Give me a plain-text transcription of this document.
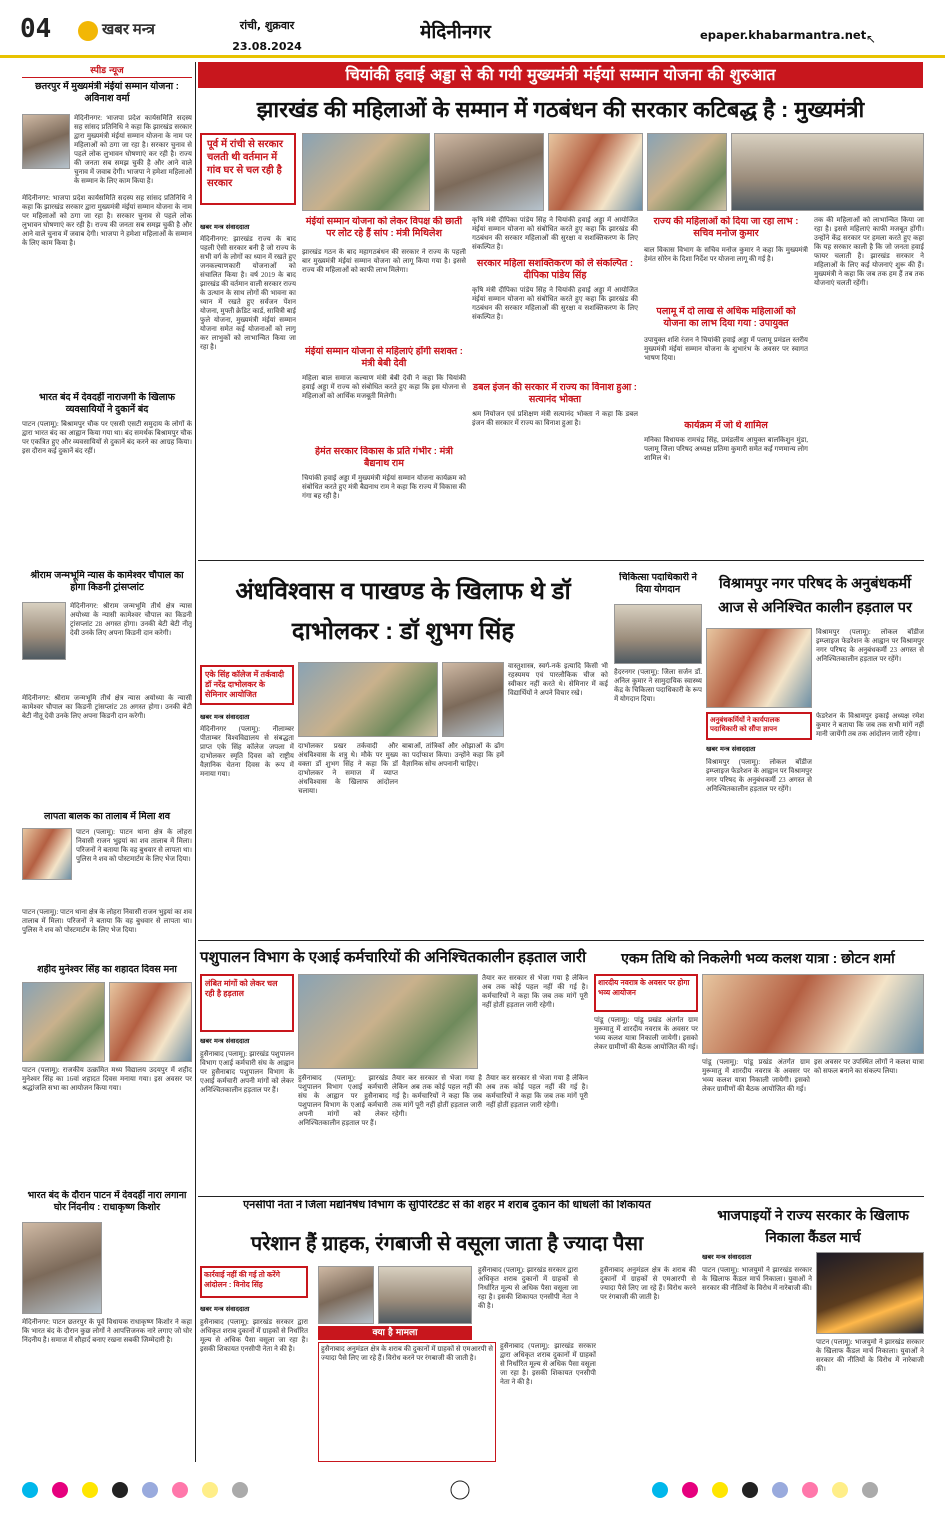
04	खबर मन्त्र	रांची, शुक्रवार
23.08.2024
मेदिनीनगर	epaper.khabarmantra.net ↖
स्पीड न्यूज
छतरपुर में मुख्यमंत्री मंईयां सम्मान योजना : अविनाश वर्मा
मेदिनीनगर: भाजपा प्रदेश कार्यसमिति सदस्य सह सांसद प्रतिनिधि ने कहा कि झारखंड सरकार द्वारा मुख्यमंत्री मंईयां सम्मान योजना के नाम पर महिलाओं को ठगा जा रहा है। सरकार चुनाव से पहले लोक लुभावन घोषणाएं कर रही है। राज्य की जनता सब समझ चुकी है और आने वाले चुनाव में जवाब देगी। भाजपा ने हमेशा महिलाओं के सम्मान के लिए काम किया है।
मेदिनीनगर: भाजपा प्रदेश कार्यसमिति सदस्य सह सांसद प्रतिनिधि ने कहा कि झारखंड सरकार द्वारा मुख्यमंत्री मंईयां सम्मान योजना के नाम पर महिलाओं को ठगा जा रहा है। सरकार चुनाव से पहले लोक लुभावन घोषणाएं कर रही है। राज्य की जनता सब समझ चुकी है और आने वाले चुनाव में जवाब देगी। भाजपा ने हमेशा महिलाओं के सम्मान के लिए काम किया है।
भारत बंद में देवदहीं नाराजगी के खिलाफ व्यवसायियों ने दुकानें बंद
पाटन (पलामू): बिश्रामपुर चौक पर एससी एसटी समुदाय के लोगों के द्वारा भारत बंद का आह्वान किया गया था। बंद समर्थक बिश्रामपुर चौक पर एकत्रित हुए और व्यवसायियों से दुकानें बंद करने का आग्रह किया। इस दौरान कई दुकानें बंद रहीं।
श्रीराम जन्मभूमि न्यास के कामेश्वर चौपाल का होगा किडनी ट्रांसप्लांट
मेदिनीनगर: श्रीराम जन्मभूमि तीर्थ क्षेत्र न्यास अयोध्या के न्यासी कामेश्वर चौपाल का किडनी ट्रांसप्लांट 28 अगस्त होगा। उनकी बेटी बेटी नीतू देवी उनके लिए अपना किडनी दान करेगी।
मेदिनीनगर: श्रीराम जन्मभूमि तीर्थ क्षेत्र न्यास अयोध्या के न्यासी कामेश्वर चौपाल का किडनी ट्रांसप्लांट 28 अगस्त होगा। उनकी बेटी बेटी नीतू देवी उनके लिए अपना किडनी दान करेगी।
लापता बालक का तालाब में मिला शव
पाटन (पलामू): पाटन थाना क्षेत्र के लोहरा निवासी राजन भुइयां का शव तालाब में मिला। परिजनों ने बताया कि वह बुधवार से लापता था। पुलिस ने शव को पोस्टमार्टम के लिए भेज दिया।
पाटन (पलामू): पाटन थाना क्षेत्र के लोहरा निवासी राजन भुइयां का शव तालाब में मिला। परिजनों ने बताया कि वह बुधवार से लापता था। पुलिस ने शव को पोस्टमार्टम के लिए भेज दिया।
शहीद मुनेश्वर सिंह का शहादत दिवस मना
पाटन (पलामू): राजकीय उत्क्रमित मध्य विद्यालय उदयपुर में शहीद मुनेश्वर सिंह का 16वां शहादत दिवस मनाया गया। इस अवसर पर श्रद्धांजलि सभा का आयोजन किया गया।
भारत बंद के दौरान पाटन में देवदहीं नारा लगाना घोर निंदनीय : राधाकृष्ण किशोर
मेदिनीनगर: पाटन छतरपुर के पूर्व विधायक राधाकृष्ण किशोर ने कहा कि भारत बंद के दौरान कुछ लोगों ने आपत्तिजनक नारे लगाए जो घोर निंदनीय है। समाज में सौहार्द बनाए रखना सबकी जिम्मेदारी है।
चियांकी हवाई अड्डा से की गयी मुख्यमंत्री मंईयां सम्मान योजना की शुरुआत
झारखंड की महिलाओं के सम्मान में गठबंधन की सरकार कटिबद्ध है : मुख्यमंत्री
पूर्व में रांची से सरकार चलती थी वर्तमान में गांव घर से चल रही है सरकार
खबर मन्त्र संवाददाता
मेदिनीनगर: झारखंड राज्य के बाद पहली ऐसी सरकार बनी है जो राज्य के सभी वर्ग के लोगों का ध्यान में रखते हुए जनकल्याणकारी योजनाओं को संचालित किया है। वर्ष 2019 के बाद झारखंड की वर्तमान वाली सरकार राज्य के उत्थान के साथ लोगों की भावना का ध्यान में रखते हुए सर्वजन पेंशन योजना, मुफ्ती क्रेडिट कार्ड, सावित्री बाई फुले योजना, मुख्यमंत्री मंईयां सम्मान योजना समेत कई योजनाओं को लागू कर लाभुकों को लाभान्वित किया जा रहा है।
मंईयां सम्मान योजना को लेकर विपक्ष की छाती पर लोट रहे हैं सांप : मंत्री मिथिलेश
झारखंड गठन के बाद महागठबंधन की सरकार ने राज्य के पहली बार मुख्यमंत्री मंईयां सम्मान योजना को लागू किया गया है। इससे राज्य की महिलाओं को काफी लाभ मिलेगा।
मंईयां सम्मान योजना से महिलाएं होंगी सशक्त : मंत्री बेबी देवी
महिला बाल समाज कल्याण मंत्री बेबी देवी ने कहा कि चियांकी हवाई अड्डा में राज्य को संबोधित करते हुए कहा कि इस योजना से महिलाओं को आर्थिक मजबूती मिलेगी।
हेमंत सरकार विकास के प्रति गंभीर : मंत्री बैद्यनाथ राम
चियांकी हवाई अड्डा में मुख्यमंत्री मंईयां सम्मान योजना कार्यक्रम को संबोधित करते हुए मंत्री बैद्यनाथ राम ने कहा कि राज्य में विकास की गंगा बह रही है।
कृषि मंत्री दीपिका पांडेय सिंह ने चियांकी हवाई अड्डा में आयोजित मंईयां सम्मान योजना को संबोधित करते हुए कहा कि झारखंड की गठबंधन की सरकार महिलाओं की सुरक्षा व सशक्तिकरण के लिए संकल्पित है।
सरकार महिला सशक्तिकरण को ले संकल्पित : दीपिका पांडेय सिंह
कृषि मंत्री दीपिका पांडेय सिंह ने चियांकी हवाई अड्डा में आयोजित मंईयां सम्मान योजना को संबोधित करते हुए कहा कि झारखंड की गठबंधन की सरकार महिलाओं की सुरक्षा व सशक्तिकरण के लिए संकल्पित है।
डबल इंजन की सरकार में राज्य का विनाश हुआ : सत्यानंद भोक्ता
श्रम नियोजन एवं प्रशिक्षण मंत्री सत्यानंद भोक्ता ने कहा कि डबल इंजन की सरकार में राज्य का विनाश हुआ है।
राज्य की महिलाओं को दिया जा रहा लाभ : सचिव मनोज कुमार
बाल विकास विभाग के सचिव मनोज कुमार ने कहा कि मुख्यमंत्री हेमंत सोरेन के दिशा निर्देश पर योजना लागू की गई है।
पलामू में दो लाख से अधिक महिलाओं को योजना का लाभ दिया गया : उपायुक्त
उपायुक्त शशि रंजन ने चियांकी हवाई अड्डा में पलामू प्रमंडल स्तरीय मुख्यमंत्री मंईयां सम्मान योजना के शुभारंभ के अवसर पर स्वागत भाषण दिया।
कार्यक्रम में जो थे शामिल
मनिका विधायक रामचंद्र सिंह, प्रमंडलीय आयुक्त बालकिशुन मुंडा, पलामू जिला परिषद अध्यक्ष प्रतिमा कुमारी समेत कई गणमान्य लोग शामिल थे।
तक की महिलाओं को लाभान्वित किया जा रहा है। इससे महिलाएं काफी मजबूत होंगी। उन्होंने केंद्र सरकार पर हमला करते हुए कहा कि यह सरकार काली है कि जो जनता हवाई फायर चलाती है। झारखंड सरकार ने महिलाओं के लिए कई योजनाएं शुरू की हैं। मुख्यमंत्री ने कहा कि जब तक हम हैं तब तक योजनाएं चलती रहेंगी।
अंधविश्वास व पाखण्ड के खिलाफ थे डॉ दाभोलकर : डॉ शुभग सिंह
एके सिंह कॉलेज में तर्कवादी डॉ नरेंद्र दाभोलकर के सेमिनार आयोजित
खबर मन्त्र संवाददाता
मेदिनीनगर (पलामू): नीलाम्बर पीताम्बर विश्वविद्यालय से संबद्धता प्राप्त एके सिंह कॉलेज जपला में दाभोलकर स्मृति दिवस को राष्ट्रीय वैज्ञानिक चेतना दिवस के रूप में मनाया गया।
दाभोलकर प्रखर तर्कवादी और अंधविश्वास के शत्रु थे। मौके पर मुख्य वक्ता डॉ शुभग सिंह ने कहा कि डॉ दाभोलकर ने समाज में व्याप्त अंधविश्वास के खिलाफ आंदोलन चलाया।
बाबाओं, तांत्रिकों और ओझाओं के ढोंग का पर्दाफाश किया। उन्होंने कहा कि हमें वैज्ञानिक सोच अपनानी चाहिए।
वास्तुशास्त्र, स्वर्ग-नर्क इत्यादि किसी भी रहस्यमय एवं पारलौकिक चीज को स्वीकार नहीं करते थे। सेमिनार में कई विद्यार्थियों ने अपने विचार रखे।
चिकित्सा पदाधिकारी ने दिया योगदान
हैदरनगर (पलामू): जिला सर्जन डॉ. अनिल कुमार ने सामुदायिक स्वास्थ्य केंद्र के चिकित्सा पदाधिकारी के रूप में योगदान दिया।
विश्रामपुर नगर परिषद के अनुबंधकर्मी आज से अनिश्चित कालीन हड़ताल पर
विश्रामपुर (पलामू): लोकल बॉडीज इम्प्लाइज फेडरेशन के आह्वान पर विश्रामपुर नगर परिषद के अनुबंधकर्मी 23 अगस्त से अनिश्चितकालीन हड़ताल पर रहेंगे।
अनुबंधकर्मियों ने कार्यपालक पदाधिकारी को सौंपा ज्ञापन
खबर मन्त्र संवाददाता
विश्रामपुर (पलामू): लोकल बॉडीज इम्प्लाइज फेडरेशन के आह्वान पर विश्रामपुर नगर परिषद के अनुबंधकर्मी 23 अगस्त से अनिश्चितकालीन हड़ताल पर रहेंगे।
फेडरेशन के विश्रामपुर इकाई अध्यक्ष रमेश कुमार ने बताया कि जब तक सभी मांगें नहीं मानी जायेंगी तब तक आंदोलन जारी रहेगा।
पशुपालन विभाग के एआई कर्मचारियों की अनिश्चितकालीन हड़ताल जारी
लंबित मांगों को लेकर चल रही है हड़ताल
तैयार कर सरकार से भेजा गया है लेकिन अब तक कोई पहल नहीं की गई है। कर्मचारियों ने कहा कि जब तक मांगें पूरी नहीं होतीं हड़ताल जारी रहेगी।
खबर मन्त्र संवाददाता
हुसैनाबाद (पलामू): झारखंड पशुपालन विभाग एआई कर्मचारी संघ के आह्वान पर हुसैनाबाद पशुपालन विभाग के एआई कर्मचारी अपनी मांगों को लेकर अनिश्चितकालीन हड़ताल पर हैं।
हुसैनाबाद (पलामू): झारखंड पशुपालन विभाग एआई कर्मचारी संघ के आह्वान पर हुसैनाबाद पशुपालन विभाग के एआई कर्मचारी अपनी मांगों को लेकर अनिश्चितकालीन हड़ताल पर हैं।
तैयार कर सरकार से भेजा गया है लेकिन अब तक कोई पहल नहीं की गई है। कर्मचारियों ने कहा कि जब तक मांगें पूरी नहीं होतीं हड़ताल जारी रहेगी।
तैयार कर सरकार से भेजा गया है लेकिन अब तक कोई पहल नहीं की गई है। कर्मचारियों ने कहा कि जब तक मांगें पूरी नहीं होतीं हड़ताल जारी रहेगी।
एकम तिथि को निकलेगी भव्य कलश यात्रा : छोटन शर्मा
शारदीय नवरात्र के अवसर पर होगा भव्य आयोजन
पांडू (पलामू): पांडू प्रखंड अंतर्गत ग्राम मुरूमातु में शारदीय नवरात्र के अवसर पर भव्य कलश यात्रा निकाली जायेगी। इसको लेकर ग्रामीणों की बैठक आयोजित की गई।
पांडू (पलामू): पांडू प्रखंड अंतर्गत ग्राम मुरूमातु में शारदीय नवरात्र के अवसर पर भव्य कलश यात्रा निकाली जायेगी। इसको लेकर ग्रामीणों की बैठक आयोजित की गई।
इस अवसर पर उपस्थित लोगों ने कलश यात्रा को सफल बनाने का संकल्प लिया।
एनसीपी नेता ने जिला मद्यनिषेध विभाग के सुपिरिटेंडेंट से की शहर में शराब दुकान की धांधली की शिकायत
परेशान हैं ग्राहक, रंगबाजी से वसूला जाता है ज्यादा पैसा
कार्रवाई नहीं की गई तो करेंगे आंदोलन : विनोद सिंह
क्या है मामला
खबर मन्त्र संवाददाता
हुसैनाबाद (पलामू): झारखंड सरकार द्वारा अधिकृत शराब दुकानों में ग्राहकों से निर्धारित मूल्य से अधिक पैसा वसूला जा रहा है। इसकी शिकायत एनसीपी नेता ने की है।	हुसैनाबाद अनुमंडल क्षेत्र के शराब की दुकानों में ग्राहकों से एमआरपी से ज्यादा पैसे लिए जा रहे हैं। विरोध करने पर रंगबाजी की जाती है।
हुसैनाबाद (पलामू): झारखंड सरकार द्वारा अधिकृत शराब दुकानों में ग्राहकों से निर्धारित मूल्य से अधिक पैसा वसूला जा रहा है। इसकी शिकायत एनसीपी नेता ने की है।
हुसैनाबाद (पलामू): झारखंड सरकार द्वारा अधिकृत शराब दुकानों में ग्राहकों से निर्धारित मूल्य से अधिक पैसा वसूला जा रहा है। इसकी शिकायत एनसीपी नेता ने की है।
हुसैनाबाद अनुमंडल क्षेत्र के शराब की दुकानों में ग्राहकों से एमआरपी से ज्यादा पैसे लिए जा रहे हैं। विरोध करने पर रंगबाजी की जाती है।
भाजपाइयों ने राज्य सरकार के खिलाफ निकाला कैंडल मार्च
खबर मन्त्र संवाददाता
पाटन (पलामू): भाजयुमो ने झारखंड सरकार के खिलाफ कैंडल मार्च निकाला। युवाओं ने सरकार की नीतियों के विरोध में नारेबाजी की।
पाटन (पलामू): भाजयुमो ने झारखंड सरकार के खिलाफ कैंडल मार्च निकाला। युवाओं ने सरकार की नीतियों के विरोध में नारेबाजी की।
